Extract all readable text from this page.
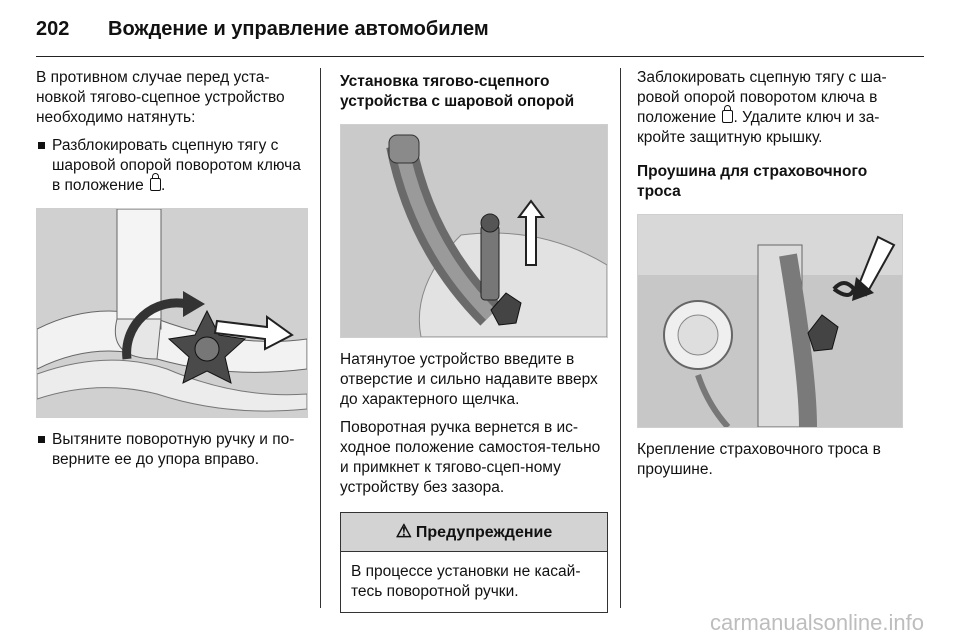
202 Вождение и управление автомобилем

В противном случае перед уста-новкой тягово-сцепное устройство необходимо натянуть:

Разблокировать сцепную тягу с шаровой опорой поворотом ключа в положение .
Вытяните поворотную ручку и по-верните ее до упора вправо.
Установка тягово-сцепного устройства с шаровой опорой

Натянутое устройство введите в отверстие и сильно надавите вверх до характерного щелчка.

Поворотная ручка вернется в ис-ходное положение самостоя-тельно и примкнет к тягово-сцеп-ному устройству без зазора.

⚠ Предупреждение
В процессе установки не касай-тесь поворотной ручки.

Заблокировать сцепную тягу с ша-ровой опорой поворотом ключа в положение . Удалите ключ и за-кройте защитную крышку.

Проушина для страховочного троса

Крепление страховочного троса в проушине.

carmanualsonline.info
